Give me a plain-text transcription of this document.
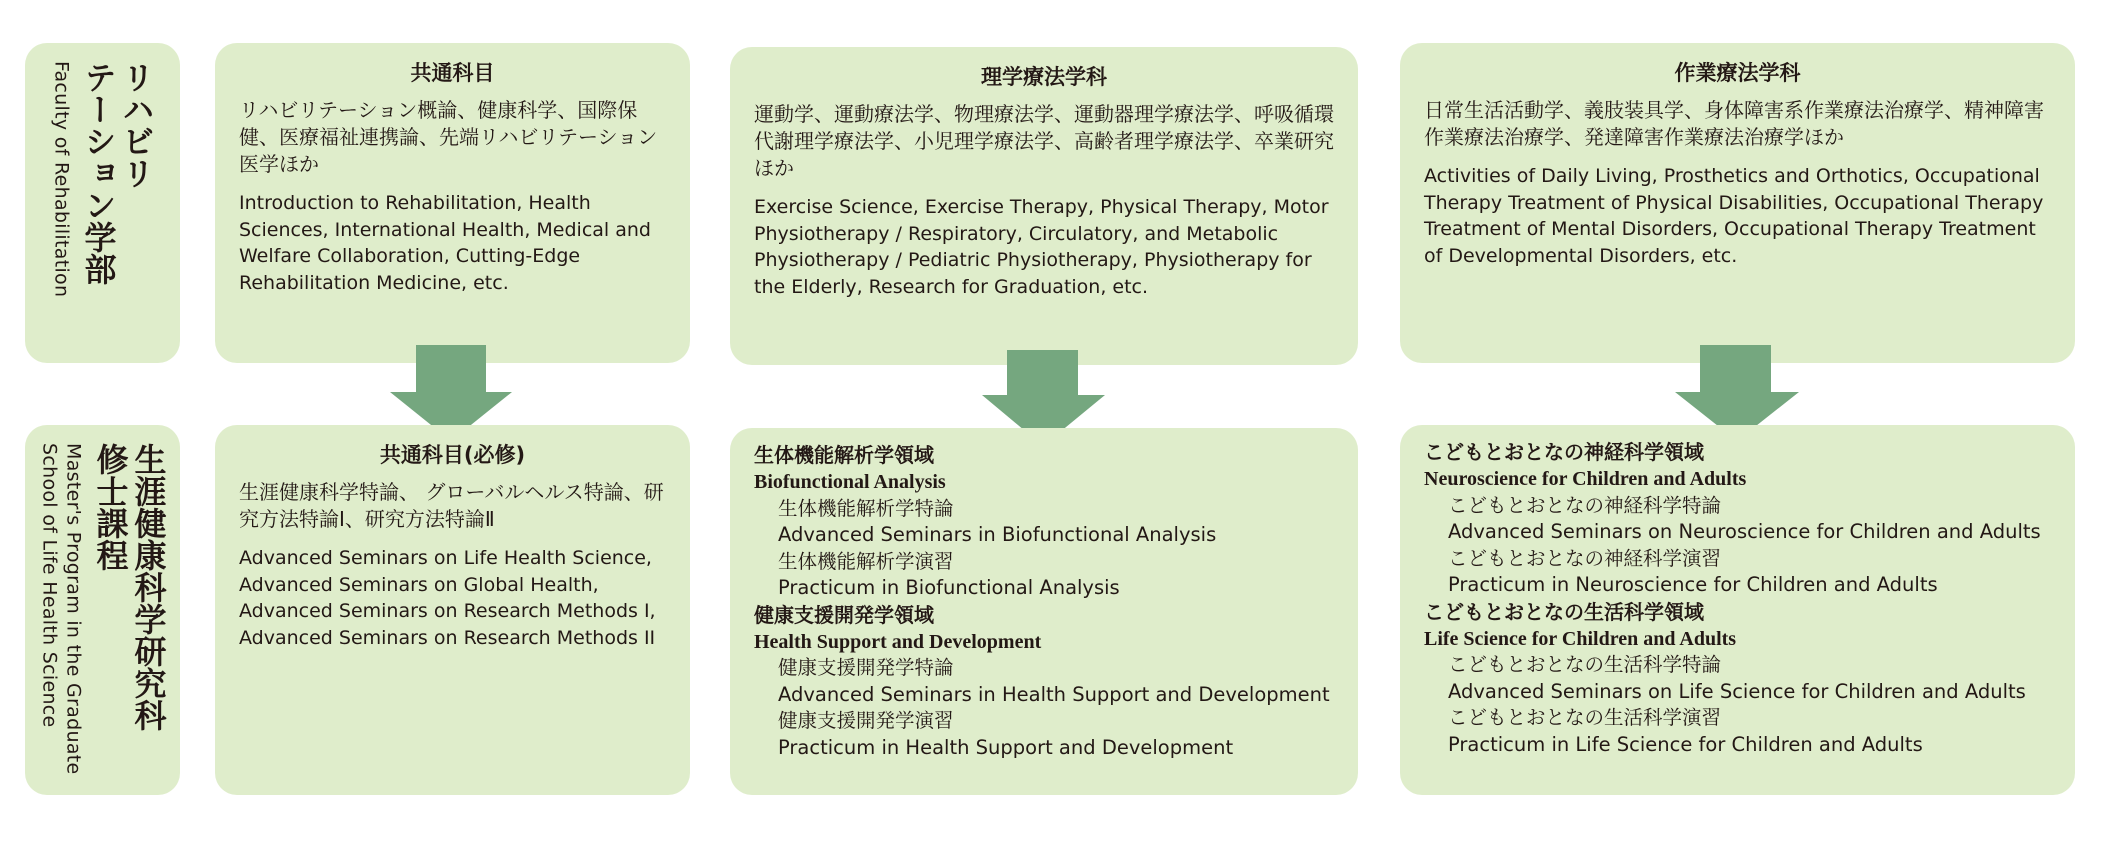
リハビリ
テーション学部
Faculty of Rehabilitation
生涯健康科学研究科
修士課程
Master's Program in the Graduate
School of Life Health Science
共通科目

リハビリテーション概論、健康科学、国際保健、医療福祉連携論、先端リハビリテーション医学ほか

Introduction to Rehabilitation, Health Sciences, International Health, Medical and Welfare Collaboration, Cutting-Edge Rehabilitation Medicine, etc.

理学療法学科

運動学、運動療法学、物理療法学、運動器理学療法学、呼吸循環代謝理学療法学、小児理学療法学、高齢者理学療法学、卒業研究ほか

Exercise Science, Exercise Therapy, Physical Therapy, Motor Physiotherapy / Respiratory, Circulatory, and Metabolic Physiotherapy / Pediatric Physiotherapy, Physiotherapy for the Elderly, Research for Graduation, etc.

作業療法学科

日常生活活動学、義肢装具学、身体障害系作業療法治療学、精神障害作業療法治療学、発達障害作業療法治療学ほか

Activities of Daily Living, Prosthetics and Orthotics, Occupational Therapy Treatment of Physical Disabilities, Occupational Therapy Treatment of Mental Disorders, Occupational Therapy Treatment of Developmental Disorders, etc.

共通科目(必修)

生涯健康科学特論、 グローバルヘルス特論、研究方法特論Ⅰ、研究方法特論Ⅱ

Advanced Seminars on Life Health Science, Advanced Seminars on Global Health, Advanced Seminars on Research Methods I, Advanced Seminars on Research Methods II

生体機能解析学領域
Biofunctional Analysis
生体機能解析学特論
Advanced Seminars in Biofunctional Analysis
生体機能解析学演習
Practicum in Biofunctional Analysis
健康支援開発学領域
Health Support and Development
健康支援開発学特論
Advanced Seminars in Health Support and Development
健康支援開発学演習
Practicum in Health Support and Development
こどもとおとなの神経科学領域
Neuroscience for Children and Adults
こどもとおとなの神経科学特論
Advanced Seminars on Neuroscience for Children and Adults
こどもとおとなの神経科学演習
Practicum in Neuroscience for Children and Adults
こどもとおとなの生活科学領域
Life Science for Children and Adults
こどもとおとなの生活科学特論
Advanced Seminars on Life Science for Children and Adults
こどもとおとなの生活科学演習
Practicum in Life Science for Children and Adults
